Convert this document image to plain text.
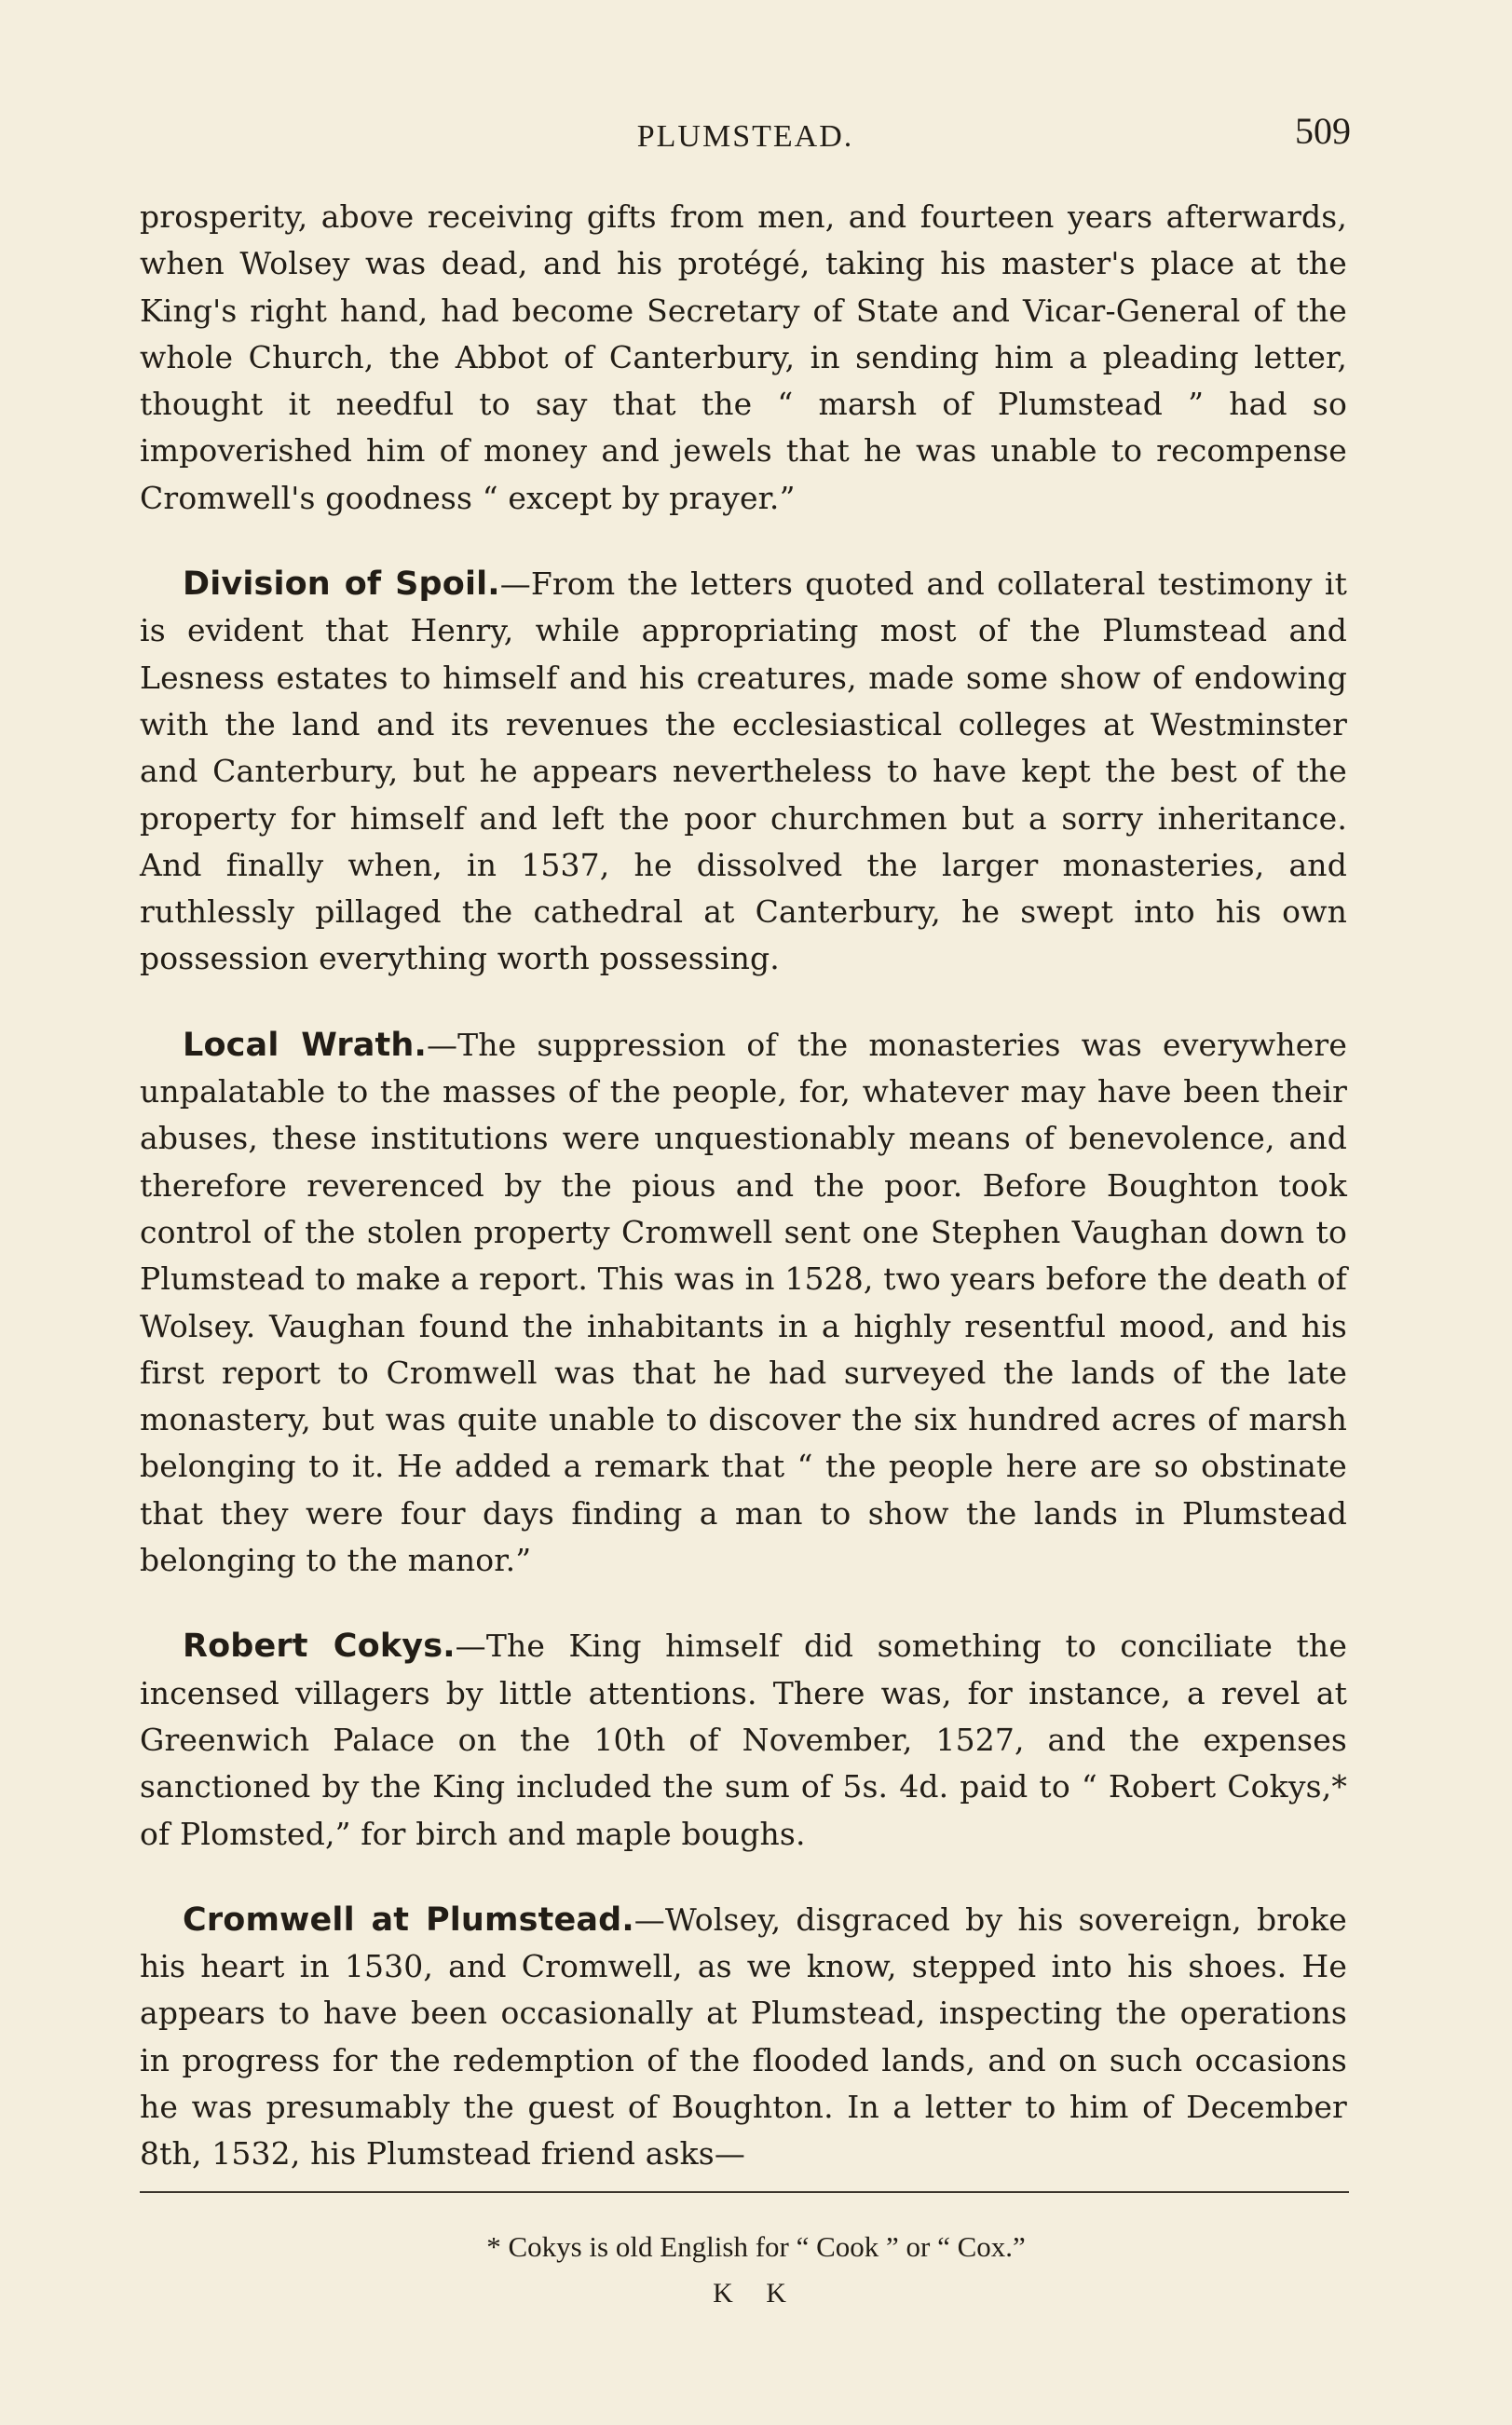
PLUMSTEAD.	509

prosperity, above receiving gifts from men, and fourteen years afterwards, when Wolsey was dead, and his protégé, taking his master's place at the King's right hand, had become Secretary of State and Vicar-General of the whole Church, the Abbot of Canterbury, in sending him a pleading letter, thought it needful to say that the “ marsh of Plumstead ” had so impoverished him of money and jewels that he was unable to recompense Cromwell's goodness “ except by prayer.”

Division of Spoil.—From the letters quoted and collateral testimony it is evident that Henry, while appropriating most of the Plumstead and Lesness estates to himself and his creatures, made some show of endowing with the land and its revenues the ecclesiastical colleges at Westminster and Canterbury, but he appears nevertheless to have kept the best of the property for himself and left the poor churchmen but a sorry inheritance. And finally when, in 1537, he dissolved the larger monasteries, and ruthlessly pillaged the cathedral at Canterbury, he swept into his own possession everything worth possessing.

Local Wrath.—The suppression of the monasteries was everywhere unpalatable to the masses of the people, for, whatever may have been their abuses, these institutions were unquestionably means of benevolence, and therefore reverenced by the pious and the poor. Before Boughton took control of the stolen property Cromwell sent one Stephen Vaughan down to Plumstead to make a report. This was in 1528, two years before the death of Wolsey. Vaughan found the inhabitants in a highly resentful mood, and his first report to Cromwell was that he had surveyed the lands of the late monastery, but was quite unable to discover the six hundred acres of marsh belonging to it. He added a remark that “ the people here are so obstinate that they were four days finding a man to show the lands in Plumstead belonging to the manor.”

Robert Cokys.—The King himself did something to conciliate the incensed villagers by little attentions. There was, for instance, a revel at Greenwich Palace on the 10th of November, 1527, and the expenses sanctioned by the King included the sum of 5s. 4d. paid to “ Robert Cokys,* of Plomsted,” for birch and maple boughs.

Cromwell at Plumstead.—Wolsey, disgraced by his sovereign, broke his heart in 1530, and Cromwell, as we know, stepped into his shoes. He appears to have been occasionally at Plumstead, inspecting the operations in progress for the redemption of the flooded lands, and on such occasions he was presumably the guest of Boughton. In a letter to him of December 8th, 1532, his Plumstead friend asks—

* Cokys is old English for “ Cook ” or “ Cox.”
K K
